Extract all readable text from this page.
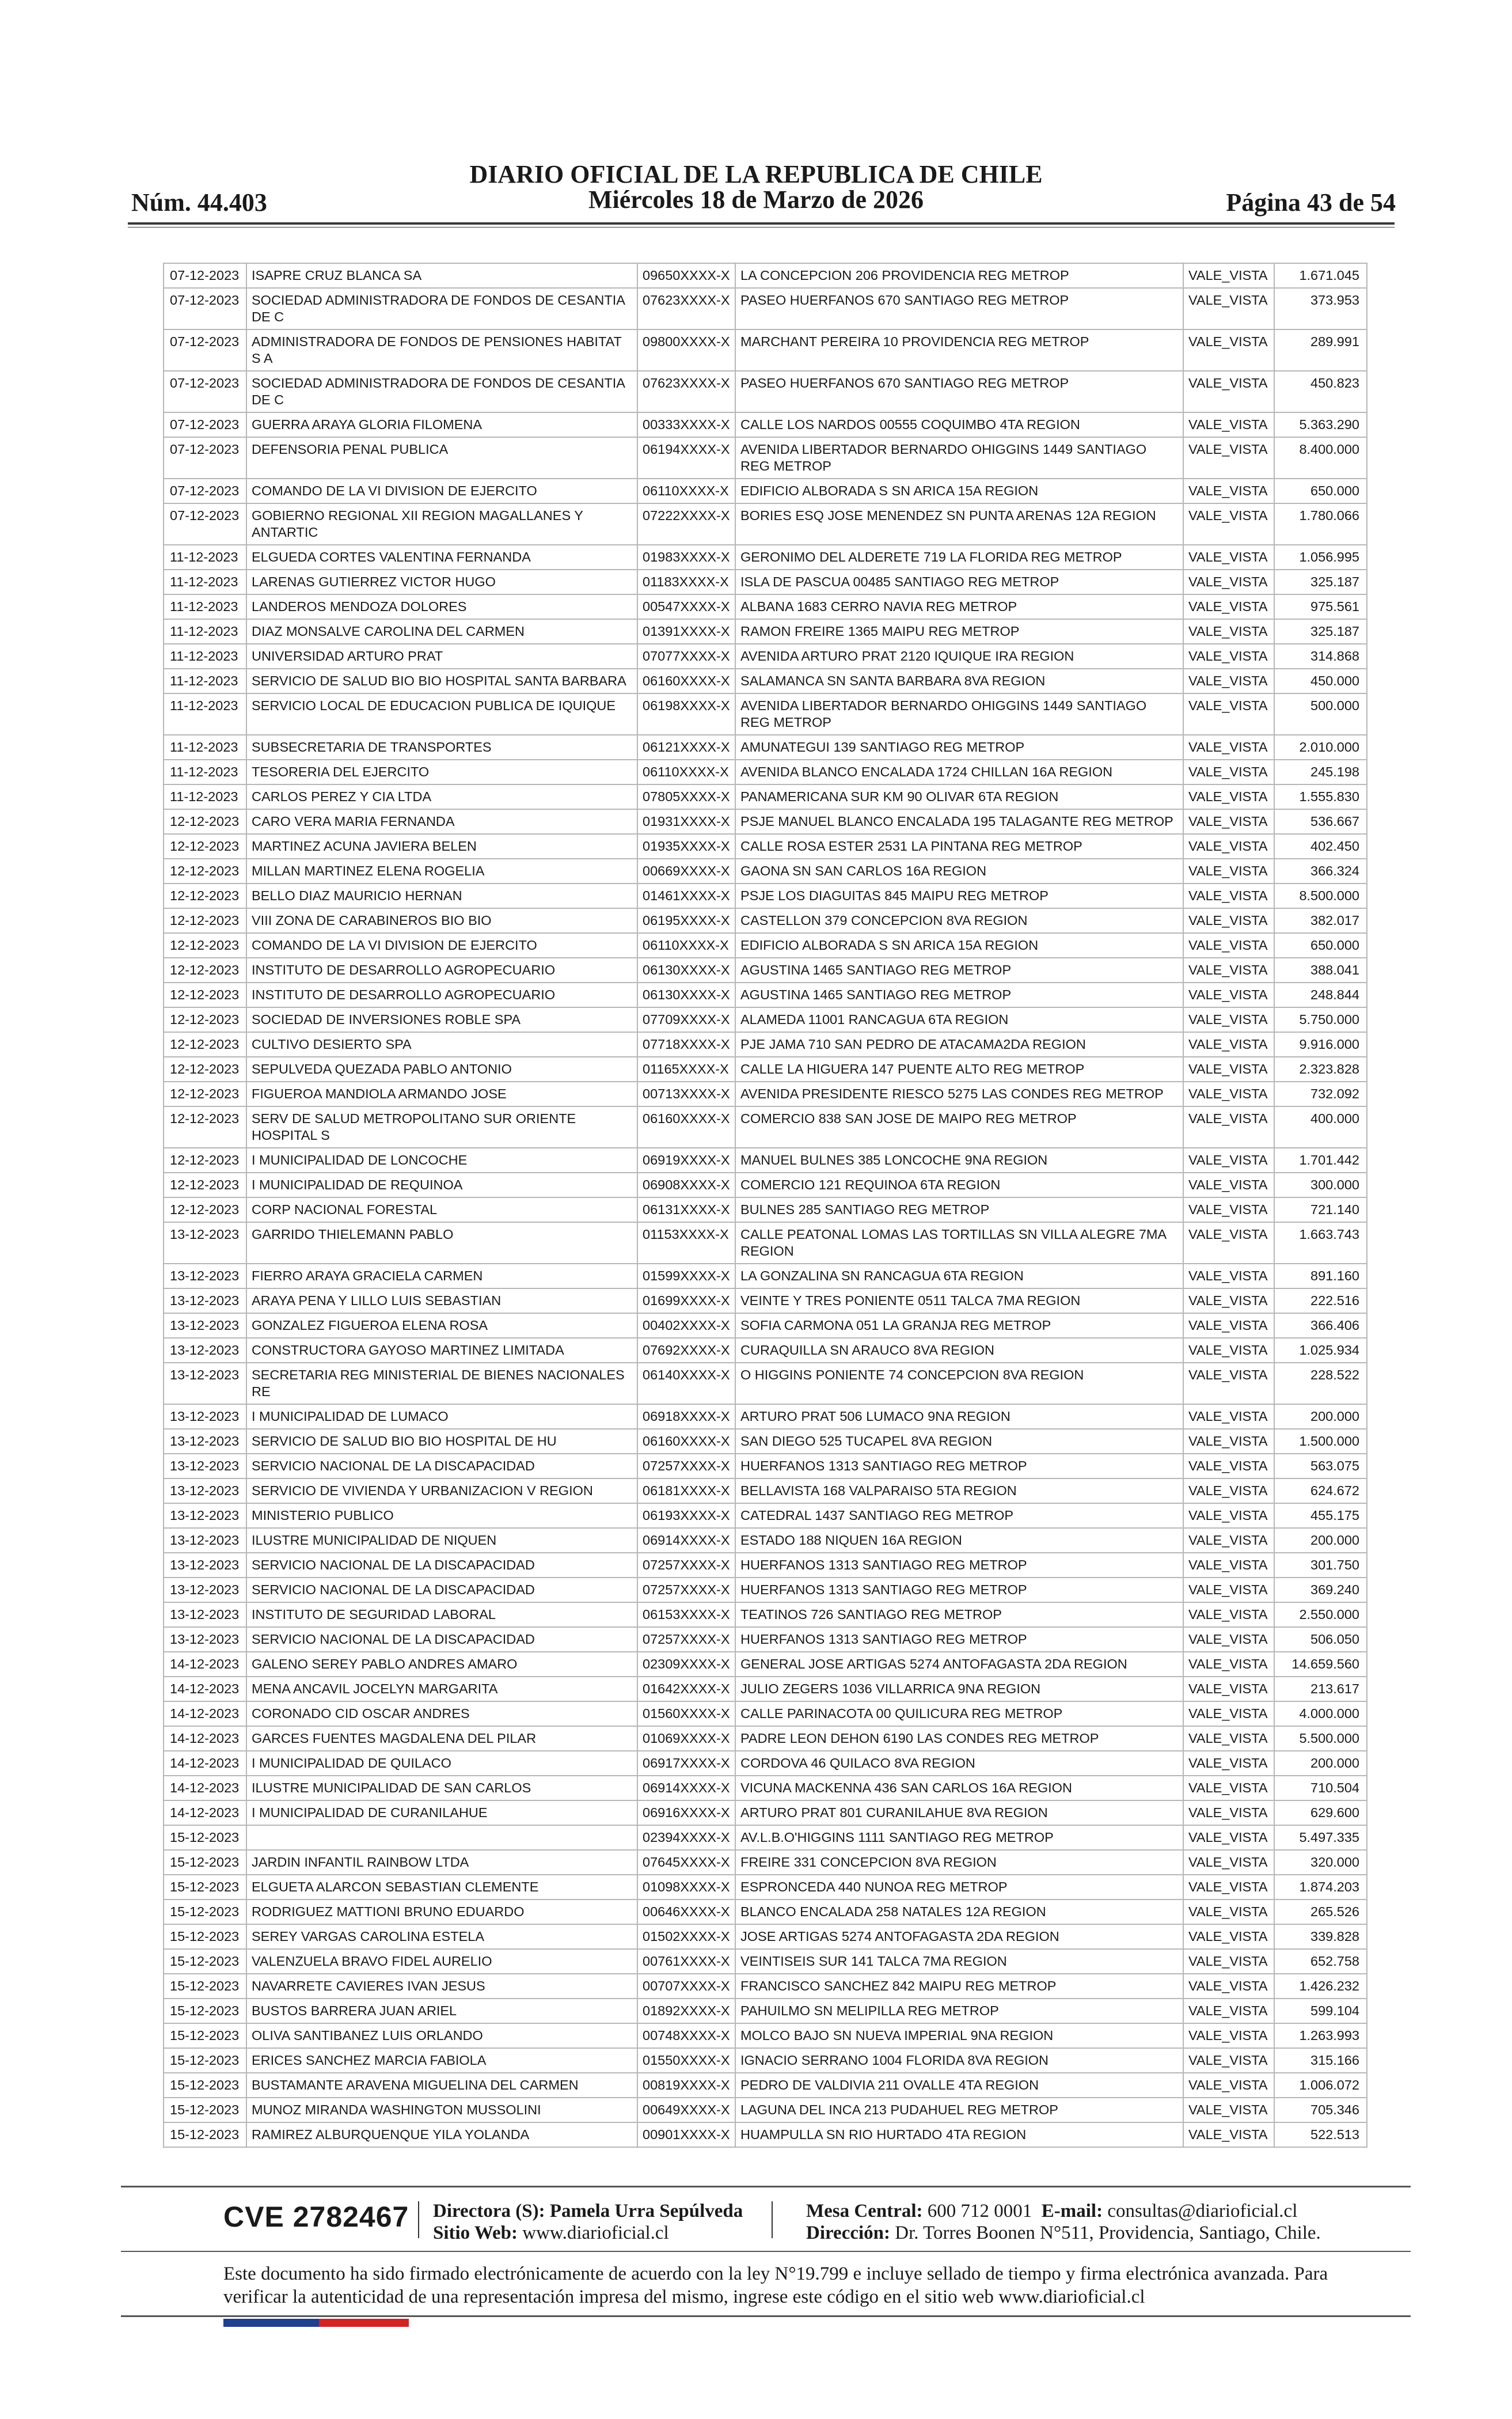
DIARIO OFICIAL DE LA REPUBLICA DE CHILE
Miércoles 18 de Marzo de 2026
Núm. 44.403	Página 43 de 54
07-12-2023	ISAPRE CRUZ BLANCA SA	09650XXXX-X	LA CONCEPCION 206 PROVIDENCIA REG METROP	VALE_VISTA	1.671.045
07-12-2023	SOCIEDAD ADMINISTRADORA DE FONDOS DE CESANTIA DE C	07623XXXX-X	PASEO HUERFANOS 670 SANTIAGO REG METROP	VALE_VISTA	373.953
07-12-2023	ADMINISTRADORA DE FONDOS DE PENSIONES HABITAT S A	09800XXXX-X	MARCHANT PEREIRA 10 PROVIDENCIA REG METROP	VALE_VISTA	289.991
07-12-2023	SOCIEDAD ADMINISTRADORA DE FONDOS DE CESANTIA DE C	07623XXXX-X	PASEO HUERFANOS 670 SANTIAGO REG METROP	VALE_VISTA	450.823
07-12-2023	GUERRA ARAYA GLORIA FILOMENA	00333XXXX-X	CALLE LOS NARDOS 00555 COQUIMBO 4TA REGION	VALE_VISTA	5.363.290
07-12-2023	DEFENSORIA PENAL PUBLICA	06194XXXX-X	AVENIDA LIBERTADOR BERNARDO OHIGGINS 1449 SANTIAGO REG METROP	VALE_VISTA	8.400.000
07-12-2023	COMANDO DE LA VI DIVISION DE EJERCITO	06110XXXX-X	EDIFICIO ALBORADA S SN ARICA 15A REGION	VALE_VISTA	650.000
07-12-2023	GOBIERNO REGIONAL XII REGION MAGALLANES Y ANTARTIC	07222XXXX-X	BORIES ESQ JOSE MENENDEZ SN PUNTA ARENAS 12A REGION	VALE_VISTA	1.780.066
11-12-2023	ELGUEDA CORTES VALENTINA FERNANDA	01983XXXX-X	GERONIMO DEL ALDERETE 719 LA FLORIDA REG METROP	VALE_VISTA	1.056.995
11-12-2023	LARENAS GUTIERREZ VICTOR HUGO	01183XXXX-X	ISLA DE PASCUA 00485 SANTIAGO REG METROP	VALE_VISTA	325.187
11-12-2023	LANDEROS MENDOZA DOLORES	00547XXXX-X	ALBANA 1683 CERRO NAVIA REG METROP	VALE_VISTA	975.561
11-12-2023	DIAZ MONSALVE CAROLINA DEL CARMEN	01391XXXX-X	RAMON FREIRE 1365 MAIPU REG METROP	VALE_VISTA	325.187
11-12-2023	UNIVERSIDAD ARTURO PRAT	07077XXXX-X	AVENIDA ARTURO PRAT 2120 IQUIQUE IRA REGION	VALE_VISTA	314.868
11-12-2023	SERVICIO DE SALUD BIO BIO HOSPITAL SANTA BARBARA	06160XXXX-X	SALAMANCA SN SANTA BARBARA 8VA REGION	VALE_VISTA	450.000
11-12-2023	SERVICIO LOCAL DE EDUCACION PUBLICA DE IQUIQUE	06198XXXX-X	AVENIDA LIBERTADOR BERNARDO OHIGGINS 1449 SANTIAGO REG METROP	VALE_VISTA	500.000
11-12-2023	SUBSECRETARIA DE TRANSPORTES	06121XXXX-X	AMUNATEGUI 139 SANTIAGO REG METROP	VALE_VISTA	2.010.000
11-12-2023	TESORERIA DEL EJERCITO	06110XXXX-X	AVENIDA BLANCO ENCALADA 1724 CHILLAN 16A REGION	VALE_VISTA	245.198
11-12-2023	CARLOS PEREZ Y CIA LTDA	07805XXXX-X	PANAMERICANA SUR KM 90 OLIVAR 6TA REGION	VALE_VISTA	1.555.830
12-12-2023	CARO VERA MARIA FERNANDA	01931XXXX-X	PSJE MANUEL BLANCO ENCALADA 195 TALAGANTE REG METROP	VALE_VISTA	536.667
12-12-2023	MARTINEZ ACUNA JAVIERA BELEN	01935XXXX-X	CALLE ROSA ESTER 2531 LA PINTANA REG METROP	VALE_VISTA	402.450
12-12-2023	MILLAN MARTINEZ ELENA ROGELIA	00669XXXX-X	GAONA SN SAN CARLOS 16A REGION	VALE_VISTA	366.324
12-12-2023	BELLO DIAZ MAURICIO HERNAN	01461XXXX-X	PSJE LOS DIAGUITAS 845 MAIPU REG METROP	VALE_VISTA	8.500.000
12-12-2023	VIII ZONA DE CARABINEROS BIO BIO	06195XXXX-X	CASTELLON 379 CONCEPCION 8VA REGION	VALE_VISTA	382.017
12-12-2023	COMANDO DE LA VI DIVISION DE EJERCITO	06110XXXX-X	EDIFICIO ALBORADA S SN ARICA 15A REGION	VALE_VISTA	650.000
12-12-2023	INSTITUTO DE DESARROLLO AGROPECUARIO	06130XXXX-X	AGUSTINA 1465 SANTIAGO REG METROP	VALE_VISTA	388.041
12-12-2023	INSTITUTO DE DESARROLLO AGROPECUARIO	06130XXXX-X	AGUSTINA 1465 SANTIAGO REG METROP	VALE_VISTA	248.844
12-12-2023	SOCIEDAD DE INVERSIONES ROBLE SPA	07709XXXX-X	ALAMEDA 11001 RANCAGUA 6TA REGION	VALE_VISTA	5.750.000
12-12-2023	CULTIVO DESIERTO SPA	07718XXXX-X	PJE JAMA 710 SAN PEDRO DE ATACAMA2DA REGION	VALE_VISTA	9.916.000
12-12-2023	SEPULVEDA QUEZADA PABLO ANTONIO	01165XXXX-X	CALLE LA HIGUERA 147 PUENTE ALTO REG METROP	VALE_VISTA	2.323.828
12-12-2023	FIGUEROA MANDIOLA ARMANDO JOSE	00713XXXX-X	AVENIDA PRESIDENTE RIESCO 5275 LAS CONDES REG METROP	VALE_VISTA	732.092
12-12-2023	SERV DE SALUD METROPOLITANO SUR ORIENTE HOSPITAL S	06160XXXX-X	COMERCIO 838 SAN JOSE DE MAIPO REG METROP	VALE_VISTA	400.000
12-12-2023	I MUNICIPALIDAD DE LONCOCHE	06919XXXX-X	MANUEL BULNES 385 LONCOCHE 9NA REGION	VALE_VISTA	1.701.442
12-12-2023	I MUNICIPALIDAD DE REQUINOA	06908XXXX-X	COMERCIO 121 REQUINOA 6TA REGION	VALE_VISTA	300.000
12-12-2023	CORP NACIONAL FORESTAL	06131XXXX-X	BULNES 285 SANTIAGO REG METROP	VALE_VISTA	721.140
13-12-2023	GARRIDO THIELEMANN PABLO	01153XXXX-X	CALLE PEATONAL LOMAS LAS TORTILLAS SN VILLA ALEGRE 7MA REGION	VALE_VISTA	1.663.743
13-12-2023	FIERRO ARAYA GRACIELA CARMEN	01599XXXX-X	LA GONZALINA SN RANCAGUA 6TA REGION	VALE_VISTA	891.160
13-12-2023	ARAYA PENA Y LILLO LUIS SEBASTIAN	01699XXXX-X	VEINTE Y TRES PONIENTE 0511 TALCA 7MA REGION	VALE_VISTA	222.516
13-12-2023	GONZALEZ FIGUEROA ELENA ROSA	00402XXXX-X	SOFIA CARMONA 051 LA GRANJA REG METROP	VALE_VISTA	366.406
13-12-2023	CONSTRUCTORA GAYOSO MARTINEZ LIMITADA	07692XXXX-X	CURAQUILLA SN ARAUCO 8VA REGION	VALE_VISTA	1.025.934
13-12-2023	SECRETARIA REG MINISTERIAL DE BIENES NACIONALES RE	06140XXXX-X	O HIGGINS PONIENTE 74 CONCEPCION 8VA REGION	VALE_VISTA	228.522
13-12-2023	I MUNICIPALIDAD DE LUMACO	06918XXXX-X	ARTURO PRAT 506 LUMACO 9NA REGION	VALE_VISTA	200.000
13-12-2023	SERVICIO DE SALUD BIO BIO HOSPITAL DE HU	06160XXXX-X	SAN DIEGO 525 TUCAPEL 8VA REGION	VALE_VISTA	1.500.000
13-12-2023	SERVICIO NACIONAL DE LA DISCAPACIDAD	07257XXXX-X	HUERFANOS 1313 SANTIAGO REG METROP	VALE_VISTA	563.075
13-12-2023	SERVICIO DE VIVIENDA Y URBANIZACION V REGION	06181XXXX-X	BELLAVISTA 168 VALPARAISO 5TA REGION	VALE_VISTA	624.672
13-12-2023	MINISTERIO PUBLICO	06193XXXX-X	CATEDRAL 1437 SANTIAGO REG METROP	VALE_VISTA	455.175
13-12-2023	ILUSTRE MUNICIPALIDAD DE NIQUEN	06914XXXX-X	ESTADO 188 NIQUEN 16A REGION	VALE_VISTA	200.000
13-12-2023	SERVICIO NACIONAL DE LA DISCAPACIDAD	07257XXXX-X	HUERFANOS 1313 SANTIAGO REG METROP	VALE_VISTA	301.750
13-12-2023	SERVICIO NACIONAL DE LA DISCAPACIDAD	07257XXXX-X	HUERFANOS 1313 SANTIAGO REG METROP	VALE_VISTA	369.240
13-12-2023	INSTITUTO DE SEGURIDAD LABORAL	06153XXXX-X	TEATINOS 726 SANTIAGO REG METROP	VALE_VISTA	2.550.000
13-12-2023	SERVICIO NACIONAL DE LA DISCAPACIDAD	07257XXXX-X	HUERFANOS 1313 SANTIAGO REG METROP	VALE_VISTA	506.050
14-12-2023	GALENO SEREY PABLO ANDRES AMARO	02309XXXX-X	GENERAL JOSE ARTIGAS 5274 ANTOFAGASTA 2DA REGION	VALE_VISTA	14.659.560
14-12-2023	MENA ANCAVIL JOCELYN MARGARITA	01642XXXX-X	JULIO ZEGERS 1036 VILLARRICA 9NA REGION	VALE_VISTA	213.617
14-12-2023	CORONADO CID OSCAR ANDRES	01560XXXX-X	CALLE PARINACOTA 00 QUILICURA REG METROP	VALE_VISTA	4.000.000
14-12-2023	GARCES FUENTES MAGDALENA DEL PILAR	01069XXXX-X	PADRE LEON DEHON 6190 LAS CONDES REG METROP	VALE_VISTA	5.500.000
14-12-2023	I MUNICIPALIDAD DE QUILACO	06917XXXX-X	CORDOVA 46 QUILACO 8VA REGION	VALE_VISTA	200.000
14-12-2023	ILUSTRE MUNICIPALIDAD DE SAN CARLOS	06914XXXX-X	VICUNA MACKENNA 436 SAN CARLOS 16A REGION	VALE_VISTA	710.504
14-12-2023	I MUNICIPALIDAD DE CURANILAHUE	06916XXXX-X	ARTURO PRAT 801 CURANILAHUE 8VA REGION	VALE_VISTA	629.600
15-12-2023		02394XXXX-X	AV.L.B.O'HIGGINS 1111 SANTIAGO REG METROP	VALE_VISTA	5.497.335
15-12-2023	JARDIN INFANTIL RAINBOW LTDA	07645XXXX-X	FREIRE 331 CONCEPCION 8VA REGION	VALE_VISTA	320.000
15-12-2023	ELGUETA ALARCON SEBASTIAN CLEMENTE	01098XXXX-X	ESPRONCEDA 440 NUNOA REG METROP	VALE_VISTA	1.874.203
15-12-2023	RODRIGUEZ MATTIONI BRUNO EDUARDO	00646XXXX-X	BLANCO ENCALADA 258 NATALES 12A REGION	VALE_VISTA	265.526
15-12-2023	SEREY VARGAS CAROLINA ESTELA	01502XXXX-X	JOSE ARTIGAS 5274 ANTOFAGASTA 2DA REGION	VALE_VISTA	339.828
15-12-2023	VALENZUELA BRAVO FIDEL AURELIO	00761XXXX-X	VEINTISEIS SUR 141 TALCA 7MA REGION	VALE_VISTA	652.758
15-12-2023	NAVARRETE CAVIERES IVAN JESUS	00707XXXX-X	FRANCISCO SANCHEZ 842 MAIPU REG METROP	VALE_VISTA	1.426.232
15-12-2023	BUSTOS BARRERA JUAN ARIEL	01892XXXX-X	PAHUILMO SN MELIPILLA REG METROP	VALE_VISTA	599.104
15-12-2023	OLIVA SANTIBANEZ LUIS ORLANDO	00748XXXX-X	MOLCO BAJO SN NUEVA IMPERIAL 9NA REGION	VALE_VISTA	1.263.993
15-12-2023	ERICES SANCHEZ MARCIA FABIOLA	01550XXXX-X	IGNACIO SERRANO 1004 FLORIDA 8VA REGION	VALE_VISTA	315.166
15-12-2023	BUSTAMANTE ARAVENA MIGUELINA DEL CARMEN	00819XXXX-X	PEDRO DE VALDIVIA 211 OVALLE 4TA REGION	VALE_VISTA	1.006.072
15-12-2023	MUNOZ MIRANDA WASHINGTON MUSSOLINI	00649XXXX-X	LAGUNA DEL INCA 213 PUDAHUEL REG METROP	VALE_VISTA	705.346
15-12-2023	RAMIREZ ALBURQUENQUE YILA YOLANDA	00901XXXX-X	HUAMPULLA SN RIO HURTADO 4TA REGION	VALE_VISTA	522.513
CVE 2782467 Directora (S): Pamela Urra Sepúlveda
Sitio Web: www.diarioficial.cl
Mesa Central: 600 712 0001 E-mail: consultas@diarioficial.cl
Dirección: Dr. Torres Boonen N°511, Providencia, Santiago, Chile.
Este documento ha sido firmado electrónicamente de acuerdo con la ley N°19.799 e incluye sellado de tiempo y firma electrónica avanzada. Para verificar la autenticidad de una representación impresa del mismo, ingrese este código en el sitio web www.diarioficial.cl
